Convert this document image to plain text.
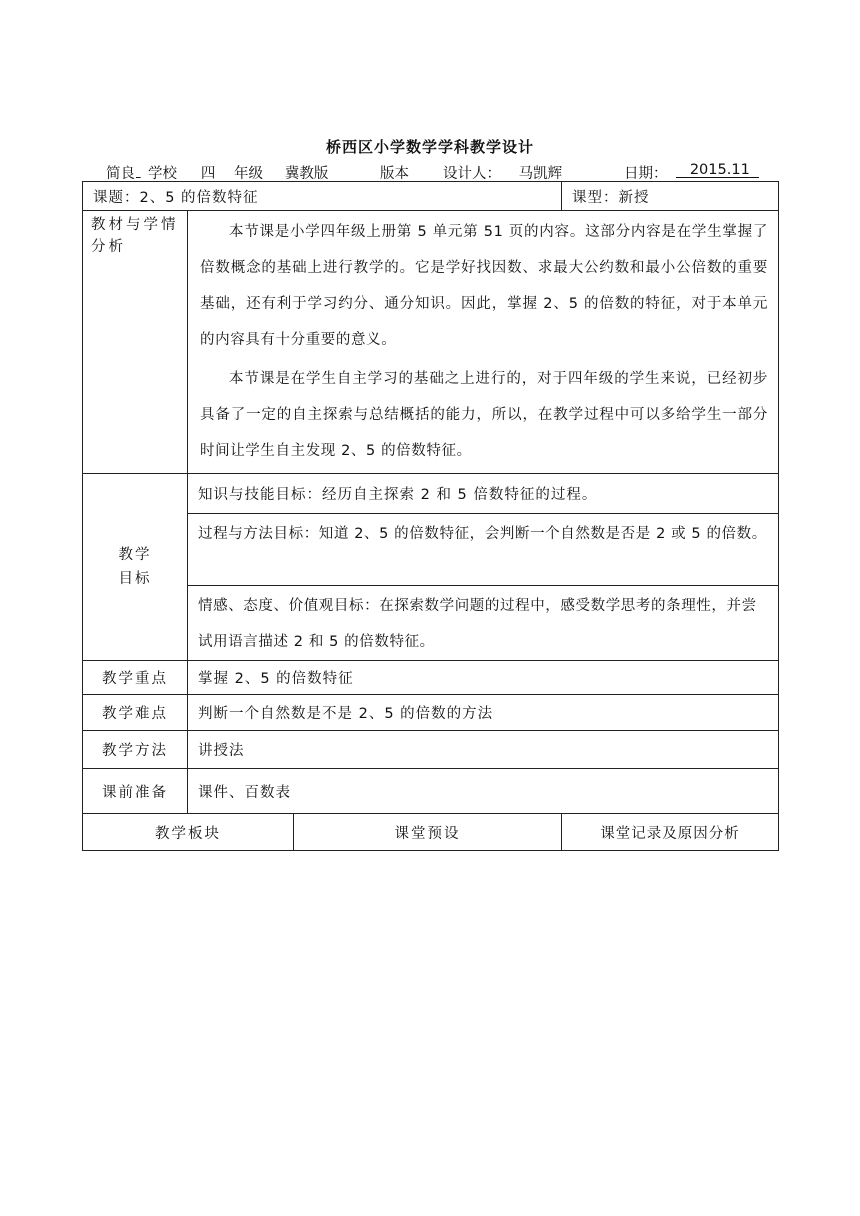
桥西区小学数学学科教学设计
简良
学校	四	年级	冀教版	版本 设计人：	马凯辉	日期：	2015.11
课题：2、5 的倍数特征			课型：新授
教材与学情分析	本节课是小学四年级上册第 5 单元第 51 页的内容。这部分内容是在学生掌握了倍数概念的基础上进行教学的。它是学好找因数、求最大公约数和最小公倍数的重要基础，还有利于学习约分、通分知识。因此，掌握 2、5 的倍数的特征，对于本单元的内容具有十分重要的意义。

本节课是在学生自主学习的基础之上进行的，对于四年级的学生来说，已经初步具备了一定的自主探索与总结概括的能力，所以，在教学过程中可以多给学生一部分时间让学生自主发现 2、5 的倍数特征。		

教学
目标	知识与技能目标：经历自主探索 2 和 5 倍数特征的过程。		
	过程与方法目标：知道 2、5 的倍数特征，会判断一个自然数是否是 2 或 5 的倍数。		
	情感、态度、价值观目标：在探索数学问题的过程中，感受数学思考的条理性，并尝试用语言描述 2 和 5 的倍数特征。		
教学重点	掌握 2、5 的倍数特征		
教学难点	判断一个自然数是不是 2、5 的倍数的方法		
教学方法	讲授法		
课前准备	课件、百数表		
教学板块		课堂预设	课堂记录及原因分析
